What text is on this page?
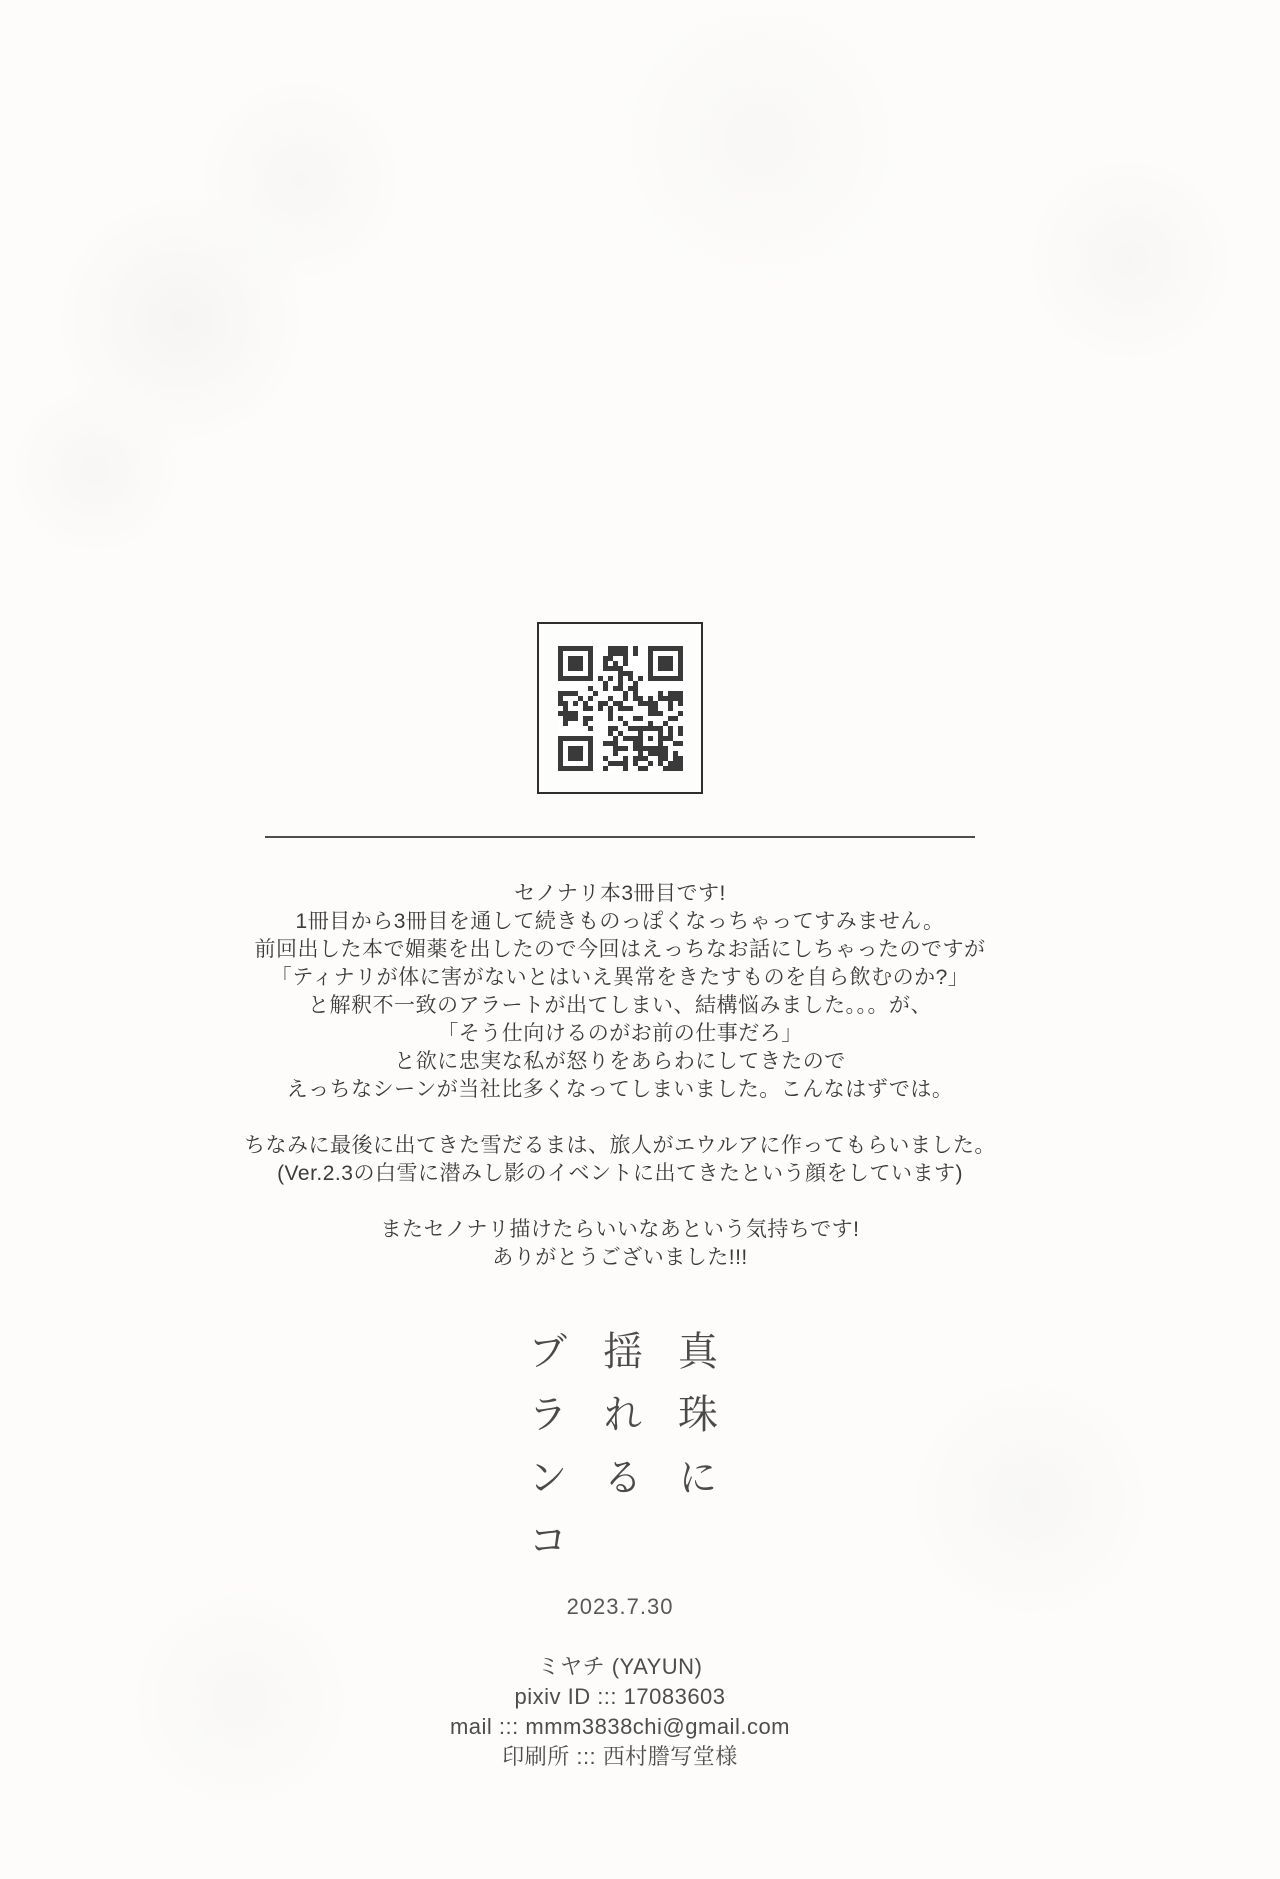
セノナリ本3冊目です!
1冊目から3冊目を通して続きものっぽくなっちゃってすみません。
前回出した本で媚薬を出したので今回はえっちなお話にしちゃったのですが
「ティナリが体に害がないとはいえ異常をきたすものを自ら飲むのか?」
と解釈不一致のアラートが出てしまい、結構悩みました。。。が、
「そう仕向けるのがお前の仕事だろ」
と欲に忠実な私が怒りをあらわにしてきたので
えっちなシーンが当社比多くなってしまいました。こんなはずでは。

ちなみに最後に出てきた雪だるまは、旅人がエウルアに作ってもらいました。
(Ver.2.3の白雪に潜みし影のイベントに出てきたという顔をしています)

またセノナリ描けたらいいなあという気持ちです!
ありがとうございました!!!
真珠に
揺れる
ブランコ
2023.7.30
ミヤチ (YAYUN)
pixiv ID ::: 17083603
mail ::: mmm3838chi@gmail.com
印刷所 ::: 西村謄写堂様
